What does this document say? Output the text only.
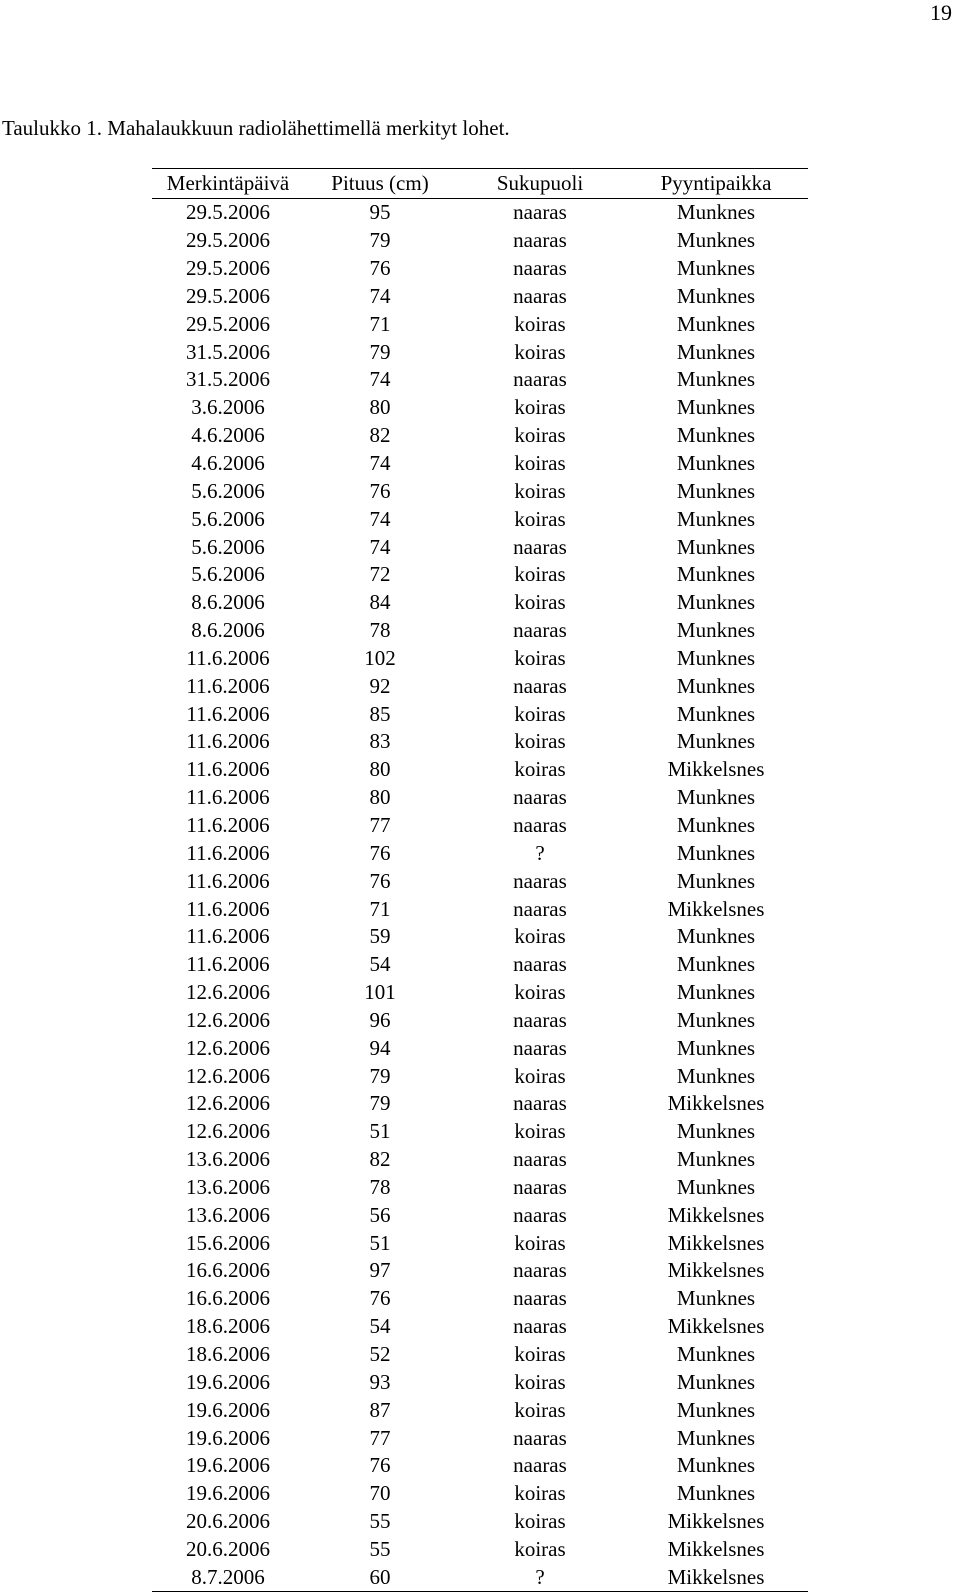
19
Taulukko 1. Mahalaukkuun radiolähettimellä merkityt lohet.
Merkintäpäivä	Pituus (cm)	Sukupuoli	Pyyntipaikka
29.5.2006	95	naaras	Munknes
29.5.2006	79	naaras	Munknes
29.5.2006	76	naaras	Munknes
29.5.2006	74	naaras	Munknes
29.5.2006	71	koiras	Munknes
31.5.2006	79	koiras	Munknes
31.5.2006	74	naaras	Munknes
3.6.2006	80	koiras	Munknes
4.6.2006	82	koiras	Munknes
4.6.2006	74	koiras	Munknes
5.6.2006	76	koiras	Munknes
5.6.2006	74	koiras	Munknes
5.6.2006	74	naaras	Munknes
5.6.2006	72	koiras	Munknes
8.6.2006	84	koiras	Munknes
8.6.2006	78	naaras	Munknes
11.6.2006	102	koiras	Munknes
11.6.2006	92	naaras	Munknes
11.6.2006	85	koiras	Munknes
11.6.2006	83	koiras	Munknes
11.6.2006	80	koiras	Mikkelsnes
11.6.2006	80	naaras	Munknes
11.6.2006	77	naaras	Munknes
11.6.2006	76	?	Munknes
11.6.2006	76	naaras	Munknes
11.6.2006	71	naaras	Mikkelsnes
11.6.2006	59	koiras	Munknes
11.6.2006	54	naaras	Munknes
12.6.2006	101	koiras	Munknes
12.6.2006	96	naaras	Munknes
12.6.2006	94	naaras	Munknes
12.6.2006	79	koiras	Munknes
12.6.2006	79	naaras	Mikkelsnes
12.6.2006	51	koiras	Munknes
13.6.2006	82	naaras	Munknes
13.6.2006	78	naaras	Munknes
13.6.2006	56	naaras	Mikkelsnes
15.6.2006	51	koiras	Mikkelsnes
16.6.2006	97	naaras	Mikkelsnes
16.6.2006	76	naaras	Munknes
18.6.2006	54	naaras	Mikkelsnes
18.6.2006	52	koiras	Munknes
19.6.2006	93	koiras	Munknes
19.6.2006	87	koiras	Munknes
19.6.2006	77	naaras	Munknes
19.6.2006	76	naaras	Munknes
19.6.2006	70	koiras	Munknes
20.6.2006	55	koiras	Mikkelsnes
20.6.2006	55	koiras	Mikkelsnes
8.7.2006	60	?	Mikkelsnes
